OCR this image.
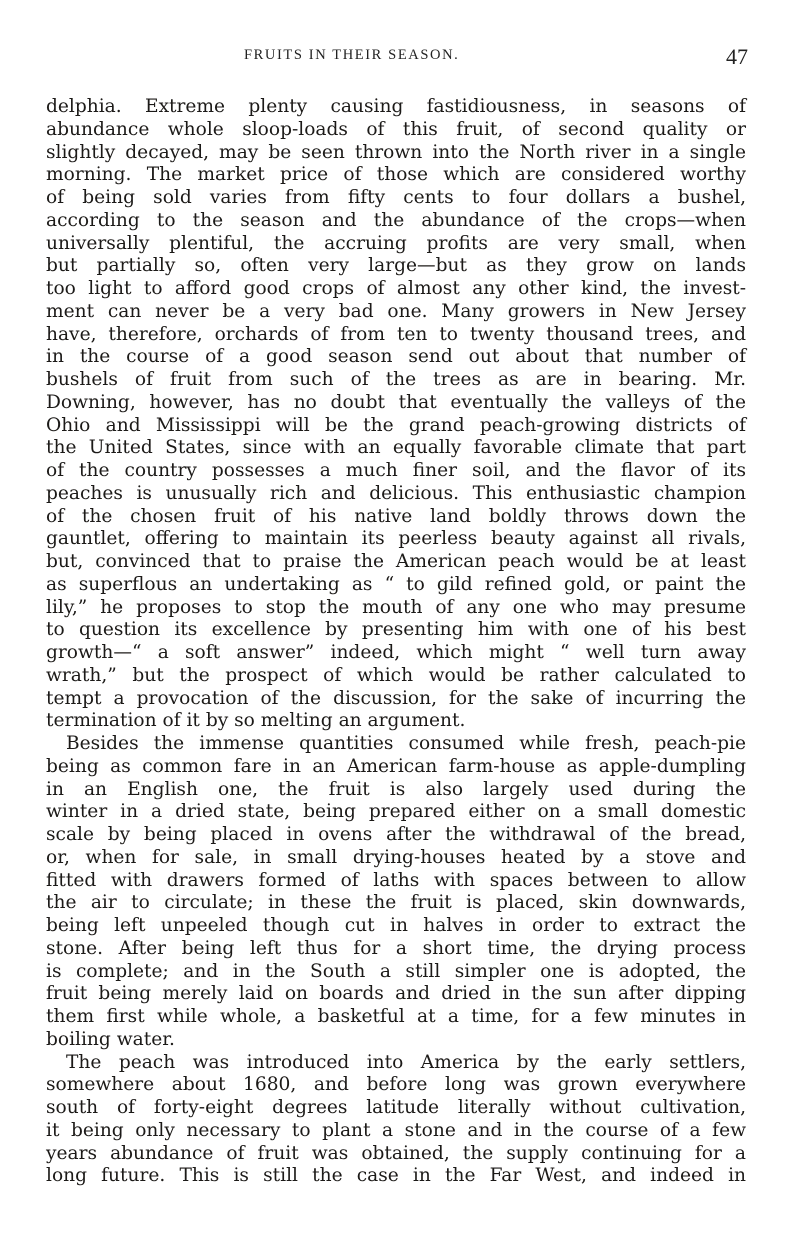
FRUITS IN THEIR SEASON.	47
delphia. Extreme plenty causing fastidiousness, in seasons of
abundance whole sloop-loads of this fruit, of second quality or
slightly decayed, may be seen thrown into the North river in a single
morning. The market price of those which are considered worthy
of being sold varies from fifty cents to four dollars a bushel,
according to the season and the abundance of the crops—when
universally plentiful, the accruing profits are very small, when
but partially so, often very large—but as they grow on lands
too light to afford good crops of almost any other kind, the invest-
ment can never be a very bad one. Many growers in New Jersey
have, therefore, orchards of from ten to twenty thousand trees, and
in the course of a good season send out about that number of
bushels of fruit from such of the trees as are in bearing. Mr.
Downing, however, has no doubt that eventually the valleys of the
Ohio and Mississippi will be the grand peach-growing districts of
the United States, since with an equally favorable climate that part
of the country possesses a much finer soil, and the flavor of its
peaches is unusually rich and delicious. This enthusiastic champion
of the chosen fruit of his native land boldly throws down the
gauntlet, offering to maintain its peerless beauty against all rivals,
but, convinced that to praise the American peach would be at least
as superflous an undertaking as “ to gild refined gold, or paint the
lily,” he proposes to stop the mouth of any one who may presume
to question its excellence by presenting him with one of his best
growth—“ a soft answer” indeed, which might “ well turn away
wrath,” but the prospect of which would be rather calculated to
tempt a provocation of the discussion, for the sake of incurring the
termination of it by so melting an argument.
Besides the immense quantities consumed while fresh, peach-pie
being as common fare in an American farm-house as apple-dumpling
in an English one, the fruit is also largely used during the
winter in a dried state, being prepared either on a small domestic
scale by being placed in ovens after the withdrawal of the bread,
or, when for sale, in small drying-houses heated by a stove and
fitted with drawers formed of laths with spaces between to allow
the air to circulate; in these the fruit is placed, skin downwards,
being left unpeeled though cut in halves in order to extract the
stone. After being left thus for a short time, the drying process
is complete; and in the South a still simpler one is adopted, the
fruit being merely laid on boards and dried in the sun after dipping
them first while whole, a basketful at a time, for a few minutes in
boiling water.
The peach was introduced into America by the early settlers,
somewhere about 1680, and before long was grown everywhere
south of forty-eight degrees latitude literally without cultivation,
it being only necessary to plant a stone and in the course of a few
years abundance of fruit was obtained, the supply continuing for a
long future. This is still the case in the Far West, and indeed in
